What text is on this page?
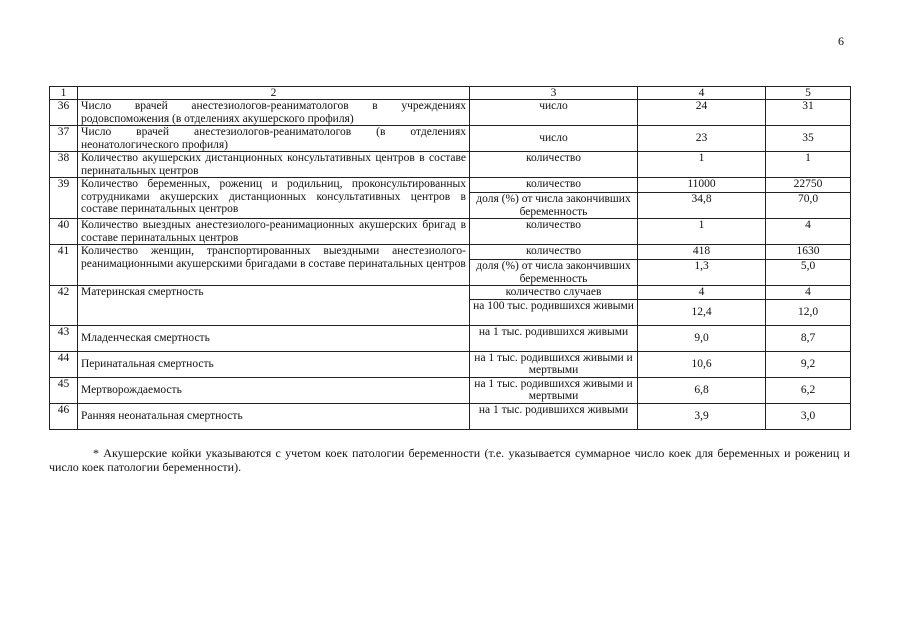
6
1	2	3	4	5
36	Число врачей анестезиологов-реаниматологов в учреждениях родовспоможения (в отделениях акушерского профиля)	число	24	31
37	Число врачей анестезиологов-реаниматологов (в отделениях неонатологического профиля)	число	23	35
38	Количество акушерских дистанционных консультативных центров в составе перинатальных центров	количество	1	1
39	Количество беременных, рожениц и родильниц, проконсультированных сотрудниками акушерских дистанционных консультативных центров в составе перинатальных центров	количество	11000	22750
		доля (%) от числа закончивших беременность	34,8	70,0
40	Количество выездных анестезиолого-реанимационных акушерских бригад в составе перинатальных центров	количество	1	4
41	Количество женщин, транспортированных выездными анестезиолого-реанимационными акушерскими бригадами в составе перинатальных центров	количество	418	1630
		доля (%) от числа закончивших беременность	1,3	5,0
42	Материнская смертность	количество случаев	4	4
		на 100 тыс. родившихся живыми	12,4	12,0
43	Младенческая смертность	на 1 тыс. родившихся живыми	9,0	8,7
44	Перинатальная смертность	на 1 тыс. родившихся живыми и мертвыми	10,6	9,2
45	Мертворождаемость	на 1 тыс. родившихся живыми и мертвыми	6,8	6,2
46	Ранняя неонатальная смертность	на 1 тыс. родившихся живыми	3,9	3,0
* Акушерские койки указываются с учетом коек патологии беременности (т.е. указывается суммарное число коек для беременных и рожениц и число коек патологии беременности).
